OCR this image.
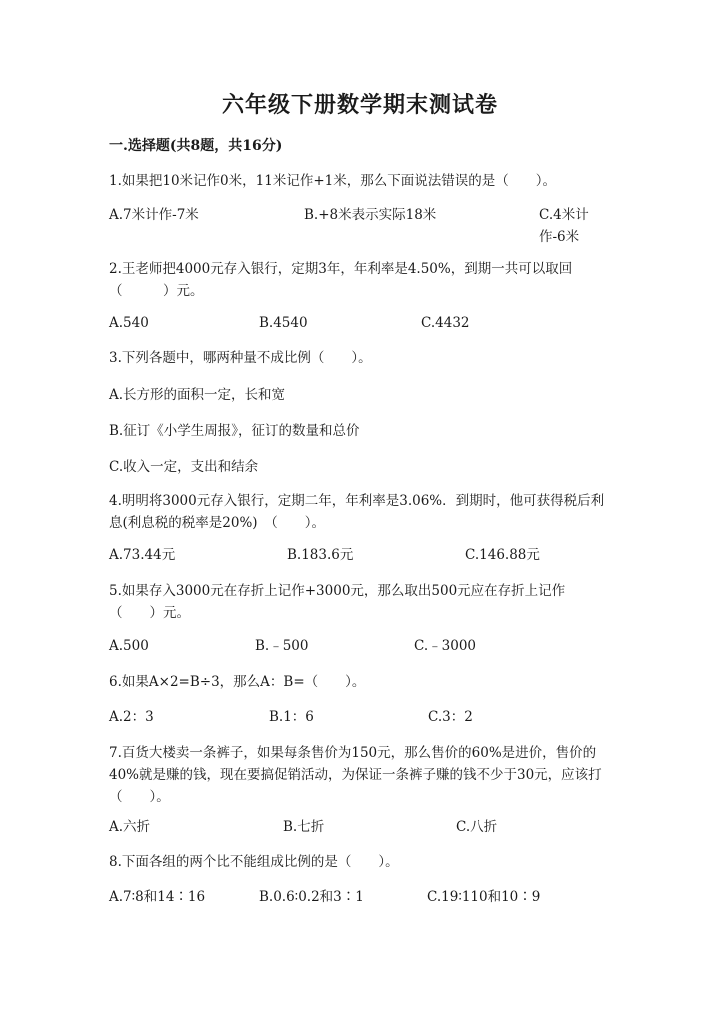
六年级下册数学期末测试卷
一.选择题(共8题，共16分)
1.如果把10米记作0米，11米记作+1米，那么下面说法错误的是（　　）。
A.7米计作-7米	B.+8米表示实际18米	C.4米计作-6米
2.王老师把4000元存入银行，定期3年，年利率是4.50%，到期一共可以取回（　　　）元。
A.540	B.4540	C.4432
3.下列各题中，哪两种量不成比例（　　）。
A.长方形的面积一定，长和宽
B.征订《小学生周报》，征订的数量和总价
C.收入一定，支出和结余
4.明明将3000元存入银行，定期二年，年利率是3.06%．到期时，他可获得税后利息(利息税的税率是20%)　（　　）。
A.73.44元	B.183.6元	C.146.88元
5.如果存入3000元在存折上记作+3000元，那么取出500元应在存折上记作（　　）元。
A.500	B.﹣500	C.﹣3000
6.如果A×2=B÷3，那么A：B=（　　）。
A.2：3	B.1：6	C.3：2
7.百货大楼卖一条裤子，如果每条售价为150元，那么售价的60%是进价，售价的40%就是赚的钱，现在要搞促销活动，为保证一条裤子赚的钱不少于30元，应该打（　　）。
A.六折	B.七折	C.八折
8.下面各组的两个比不能组成比例的是（　　）。
A.7∶8和14∶16	B.0.6∶0.2和3∶1	C.19∶110和10∶9
